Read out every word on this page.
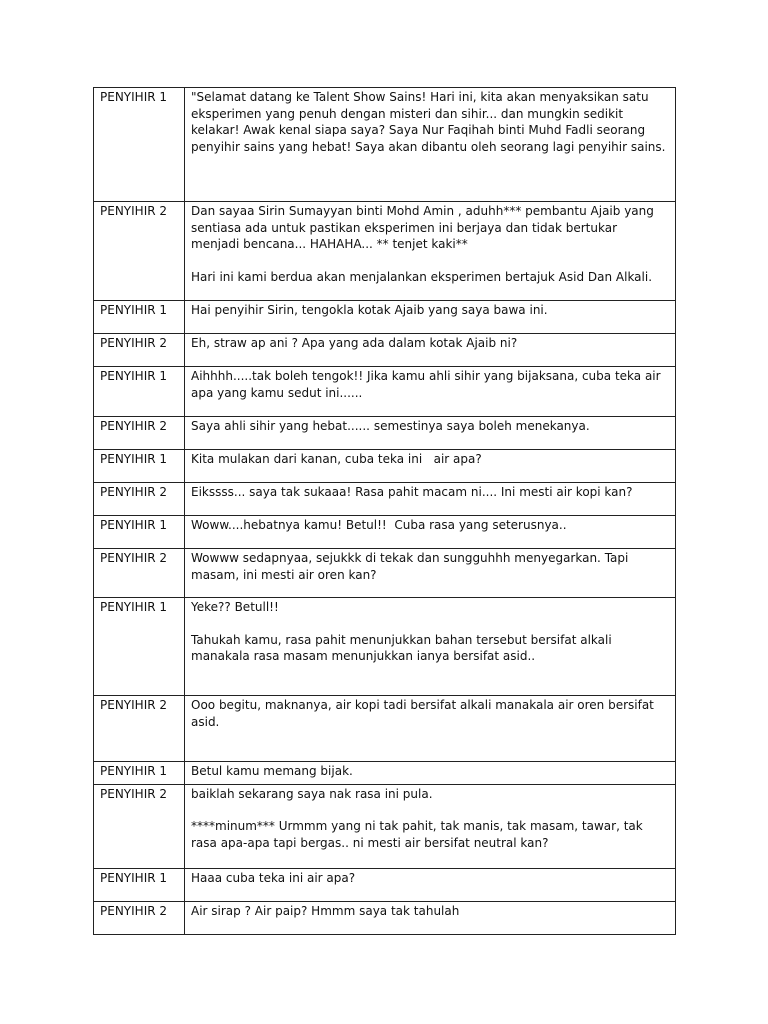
PENYIHIR 1	"Selamat datang ke Talent Show Sains! Hari ini, kita akan menyaksikan satu eksperimen yang penuh dengan misteri dan sihir... dan mungkin sedikit kelakar! Awak kenal siapa saya? Saya Nur Faqihah binti Muhd Fadli seorang penyihir sains yang hebat! Saya akan dibantu oleh seorang lagi penyihir sains.

PENYIHIR 2	Dan sayaa Sirin Sumayyan binti Mohd Amin , aduhh*** pembantu Ajaib yang sentiasa ada untuk pastikan eksperimen ini berjaya dan tidak bertukar menjadi bencana... HAHAHA... ** tenjet kaki**
Hari ini kami berdua akan menjalankan eksperimen bertajuk Asid Dan Alkali.

PENYIHIR 1	Hai penyihir Sirin, tengokla kotak Ajaib yang saya bawa ini.

PENYIHIR 2	Eh, straw ap ani ? Apa yang ada dalam kotak Ajaib ni?

PENYIHIR 1	Aihhhh.....tak boleh tengok!! Jika kamu ahli sihir yang bijaksana, cuba teka air apa yang kamu sedut ini......

PENYIHIR 2	Saya ahli sihir yang hebat...... semestinya saya boleh menekanya.

PENYIHIR 1	Kita mulakan dari kanan, cuba teka ini   air apa?

PENYIHIR 2	Eikssss... saya tak sukaaa! Rasa pahit macam ni.... Ini mesti air kopi kan?

PENYIHIR 1	Woww....hebatnya kamu! Betul!!  Cuba rasa yang seterusnya..

PENYIHIR 2	Wowww sedapnyaa, sejukkk di tekak dan sungguhhh menyegarkan. Tapi masam, ini mesti air oren kan?

PENYIHIR 1	Yeke?? Betull!!
Tahukah kamu, rasa pahit menunjukkan bahan tersebut bersifat alkali manakala rasa masam menunjukkan ianya bersifat asid..

PENYIHIR 2	Ooo begitu, maknanya, air kopi tadi bersifat alkali manakala air oren bersifat asid.

PENYIHIR 1	Betul kamu memang bijak.

PENYIHIR 2	baiklah sekarang saya nak rasa ini pula.
****minum*** Urmmm yang ni tak pahit, tak manis, tak masam, tawar, tak rasa apa-apa tapi bergas.. ni mesti air bersifat neutral kan?

PENYIHIR 1	Haaa cuba teka ini air apa?

PENYIHIR 2	Air sirap ? Air paip? Hmmm saya tak tahulah
